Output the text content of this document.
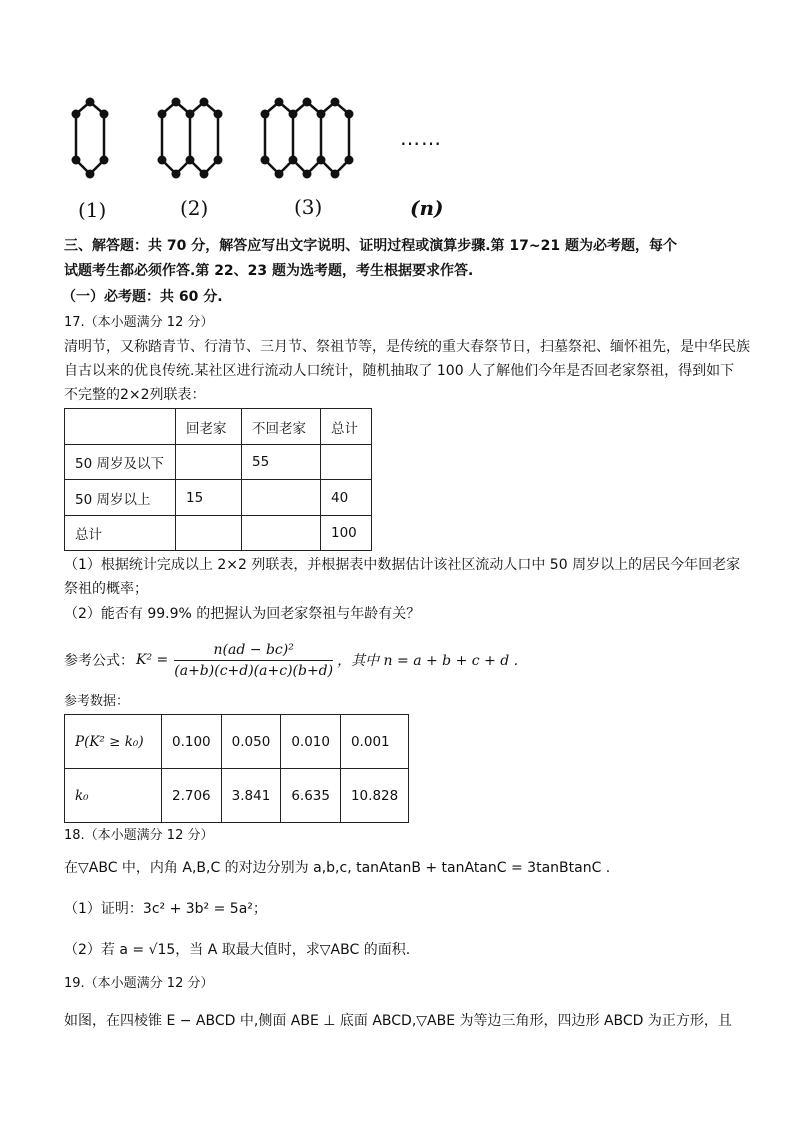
……
(1)	(2)	(3)	(n)
三、解答题：共 70 分，解答应写出文字说明、证明过程或演算步骤.第 17~21 题为必考题，每个
试题考生都必须作答.第 22、23 题为选考题，考生根据要求作答.
（一）必考题：共 60 分.
17.（本小题满分 12 分）
清明节，又称踏青节、行清节、三月节、祭祖节等，是传统的重大春祭节日，扫墓祭祀、缅怀祖先，是中华民族
自古以来的优良传统.某社区进行流动人口统计，随机抽取了 100 人了解他们今年是否回老家祭祖，得到如下
不完整的2×2列联表：
	回老家	不回老家	总计
50 周岁及以下		55	
50 周岁以上	15		40
总计			100
（1）根据统计完成以上 2×2 列联表，并根据表中数据估计该社区流动人口中 50 周岁以上的居民今年回老家
祭祖的概率；
（2）能否有 99.9% 的把握认为回老家祭祖与年龄有关？
参考公式： $K^2 = \frac{\text{n(ad − bc)²}}{(a+b)(c+d)(a+c)(b+d)}$ ，其中 n = a + b + c + d .
参考数据：
P(K² ≥ k₀)	0.100	0.050	0.010	0.001
k₀	2.706	3.841	6.635	10.828
18.（本小题满分 12 分）
在▽ABC 中，内角 A,B,C 的对边分别为 a,b,c, tanAtanB + tanAtanC = 3tanBtanC .
（1）证明：3c² + 3b² = 5a²；
（2）若 a = √15，当 A 取最大值时，求▽ABC 的面积.
19.（本小题满分 12 分）
如图，在四棱锥 E − ABCD 中,侧面 ABE ⊥ 底面 ABCD,▽ABE 为等边三角形，四边形 ABCD 为正方形，且
